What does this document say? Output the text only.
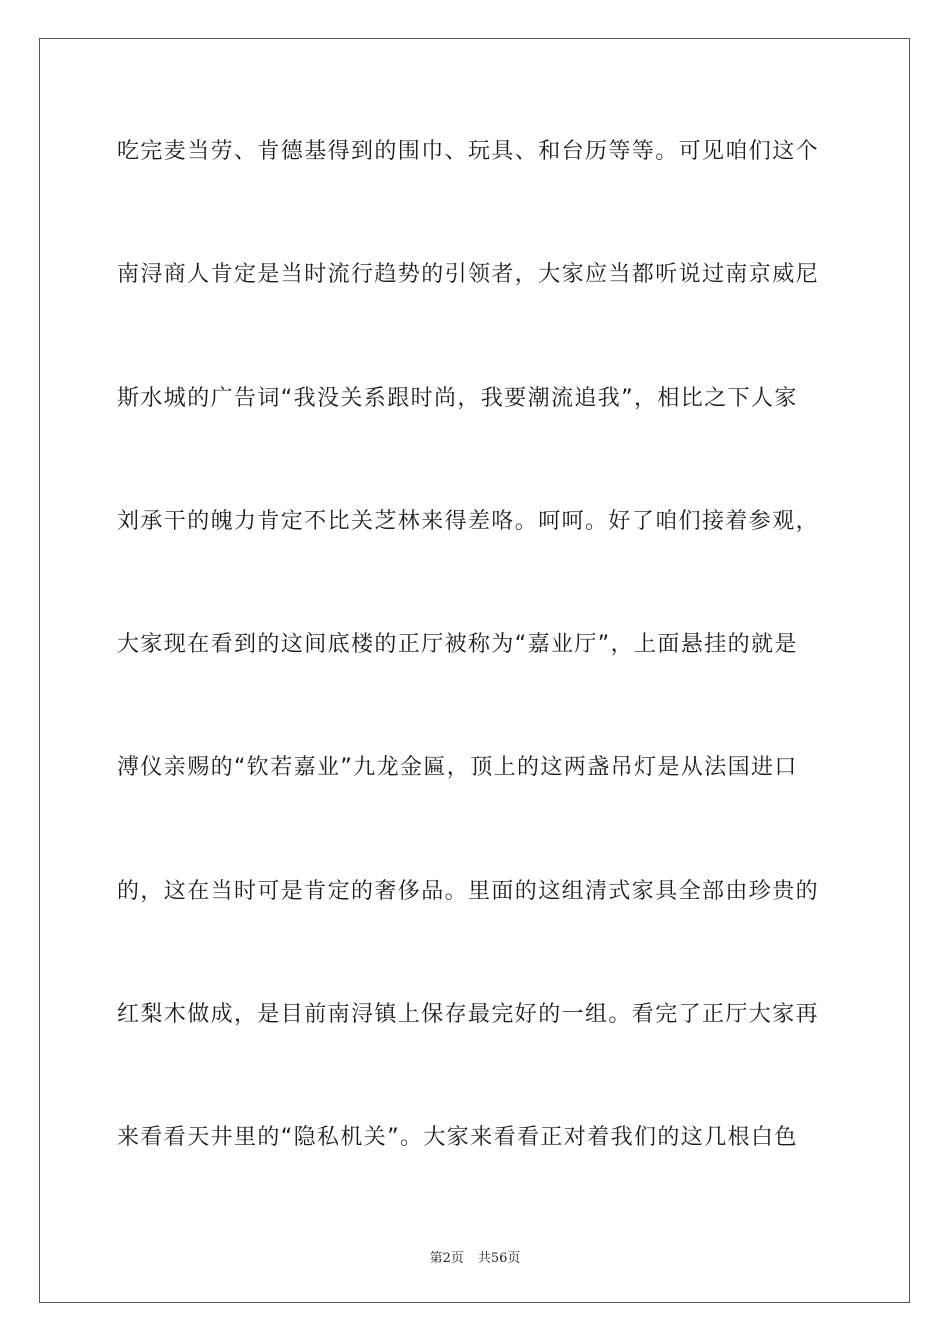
吃完麦当劳、肯德基得到的围巾、玩具、和台历等等。可见咱们这个

南浔商人肯定是当时流行趋势的引领者，大家应当都听说过南京威尼

斯水城的广告词“我没关系跟时尚，我要潮流追我”，相比之下人家

刘承干的魄力肯定不比关芝林来得差咯。呵呵。好了咱们接着参观，

大家现在看到的这间底楼的正厅被称为“嘉业厅”，上面悬挂的就是

溥仪亲赐的“钦若嘉业”九龙金匾，顶上的这两盏吊灯是从法国进口

的，这在当时可是肯定的奢侈品。里面的这组清式家具全部由珍贵的

红梨木做成，是目前南浔镇上保存最完好的一组。看完了正厅大家再

来看看天井里的“隐私机关”。大家来看看正对着我们的这几根白色

第2页 共56页
